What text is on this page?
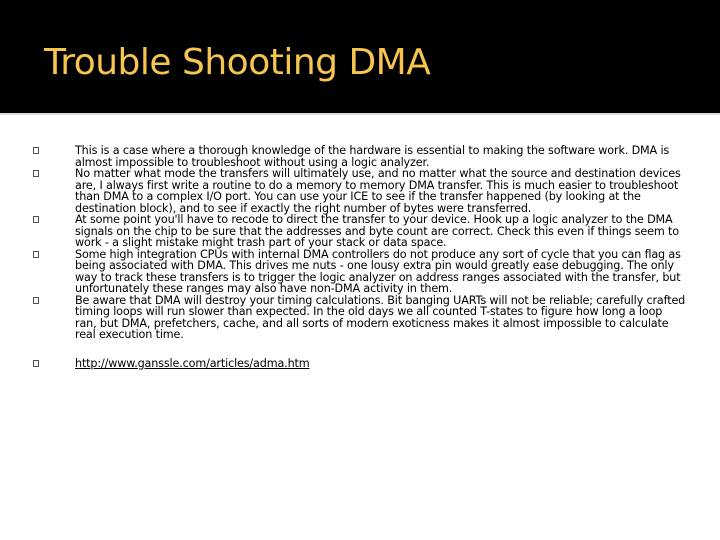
Trouble Shooting DMA
This is a case where a thorough knowledge of the hardware is essential to making the software work. DMA is almost impossible to troubleshoot without using a logic analyzer.
No matter what mode the transfers will ultimately use, and no matter what the source and destination devices are, I always first write a routine to do a memory to memory DMA transfer. This is much easier to troubleshoot than DMA to a complex I/O port. You can use your ICE to see if the transfer happened (by looking at the destination block), and to see if exactly the right number of bytes were transferred.
At some point you'll have to recode to direct the transfer to your device. Hook up a logic analyzer to the DMA signals on the chip to be sure that the addresses and byte count are correct. Check this even if things seem to work - a slight mistake might trash part of your stack or data space.
Some high integration CPUs with internal DMA controllers do not produce any sort of cycle that you can flag as being associated with DMA. This drives me nuts - one lousy extra pin would greatly ease debugging. The only way to track these transfers is to trigger the logic analyzer on address ranges associated with the transfer, but unfortunately these ranges may also have non-DMA activity in them.
Be aware that DMA will destroy your timing calculations. Bit banging UARTs will not be reliable; carefully crafted timing loops will run slower than expected. In the old days we all counted T-states to figure how long a loop ran, but DMA, prefetchers, cache, and all sorts of modern exoticness makes it almost impossible to calculate real execution time.
http://www.ganssle.com/articles/adma.htm
